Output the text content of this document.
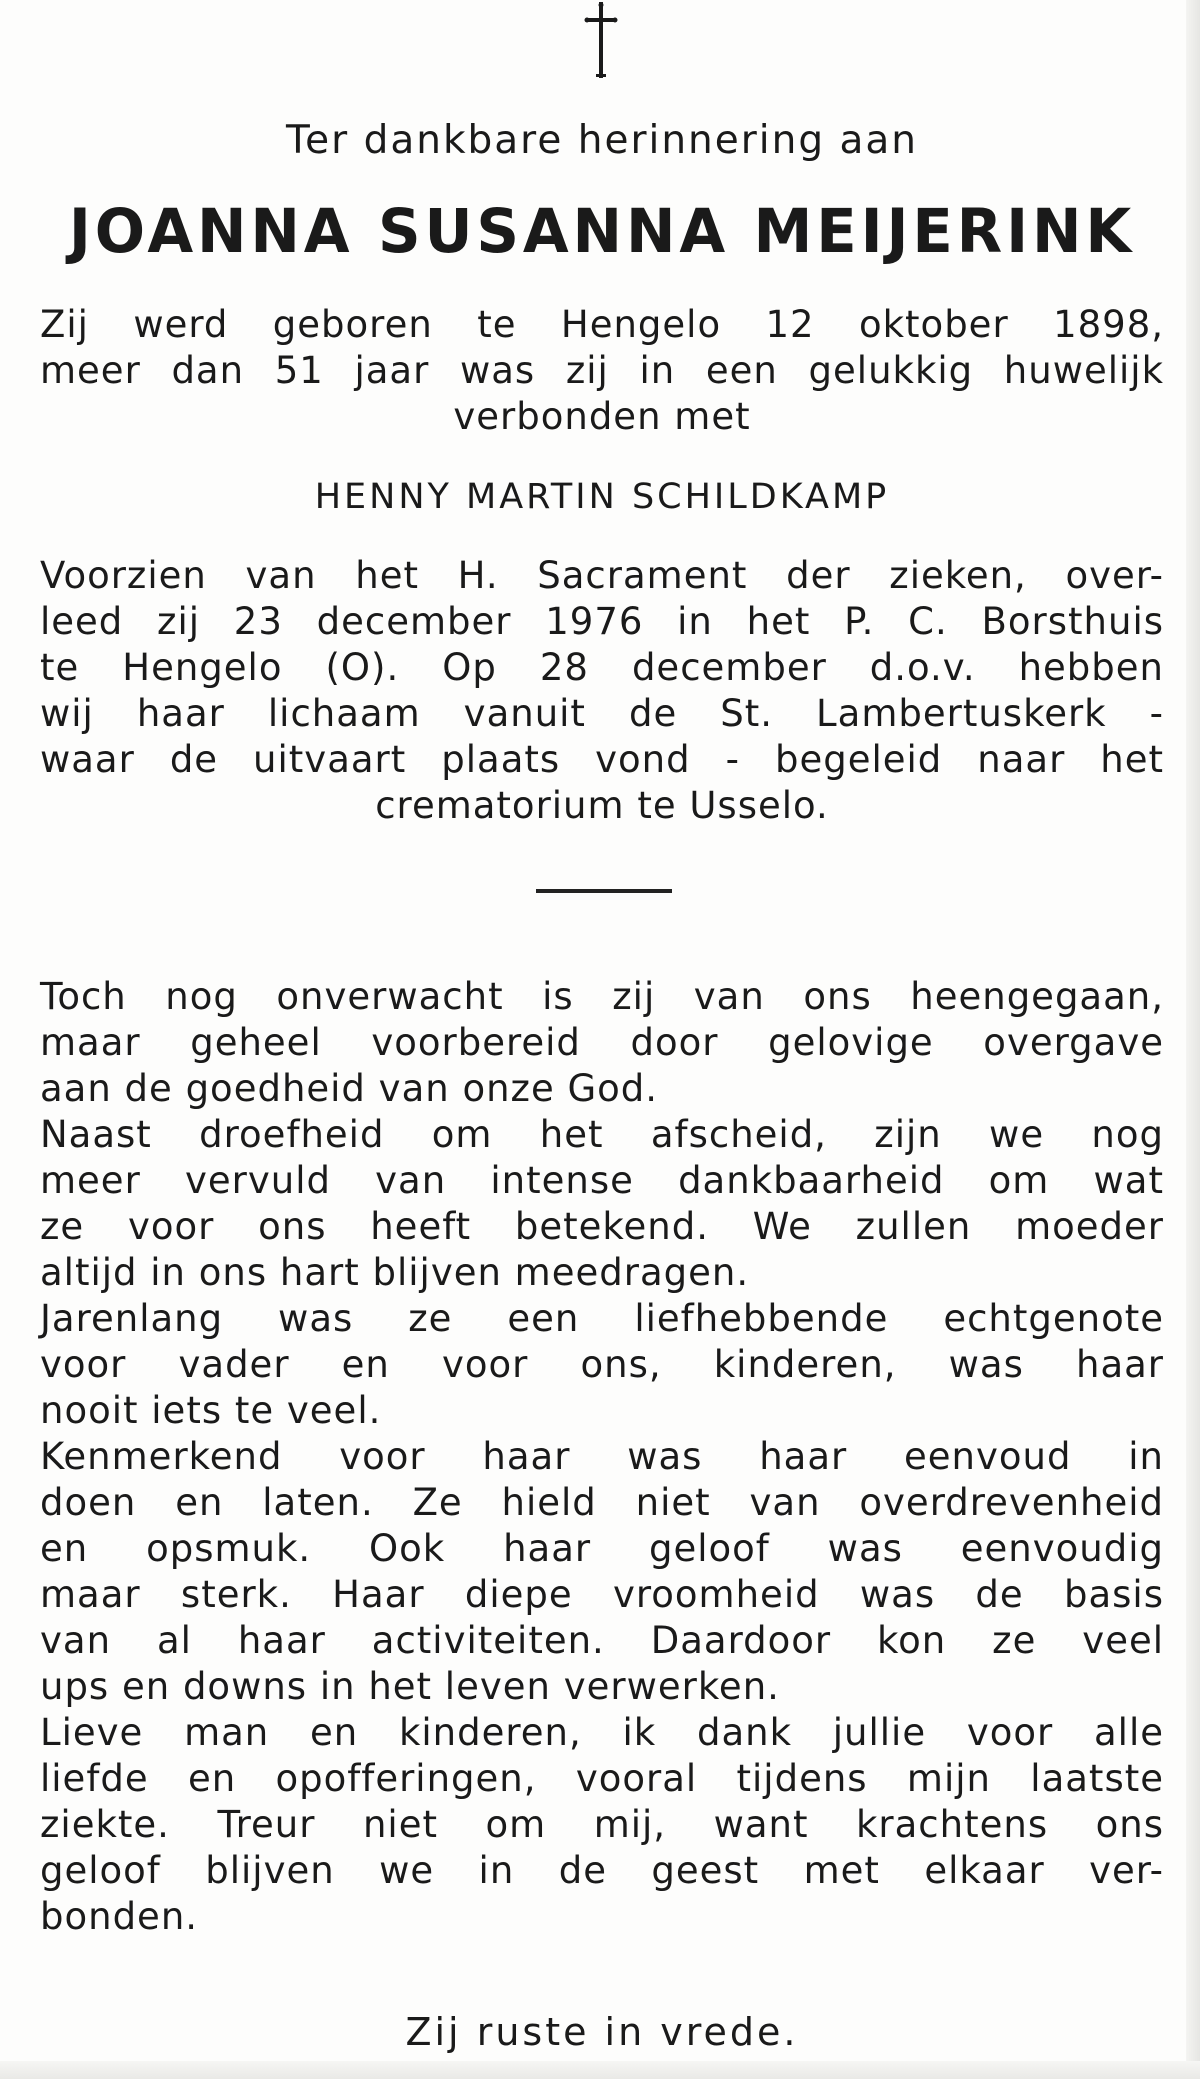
Ter dankbare herinnering aan

JOANNA SUSANNA MEIJERINK

Zij werd geboren te Hengelo 12 oktober 1898,

meer dan 51 jaar was zij in een gelukkig huwelijk

verbonden met

HENNY MARTIN SCHILDKAMP

Voorzien van het H. Sacrament der zieken, over-

leed zij 23 december 1976 in het P. C. Borsthuis

te Hengelo (O). Op 28 december d.o.v. hebben

wij haar lichaam vanuit de St. Lambertuskerk -

waar de uitvaart plaats vond - begeleid naar het

crematorium te Usselo.

Toch nog onverwacht is zij van ons heengegaan,

maar geheel voorbereid door gelovige overgave

aan de goedheid van onze God.

Naast droefheid om het afscheid, zijn we nog

meer vervuld van intense dankbaarheid om wat

ze voor ons heeft betekend. We zullen moeder

altijd in ons hart blijven meedragen.

Jarenlang was ze een liefhebbende echtgenote

voor vader en voor ons, kinderen, was haar

nooit iets te veel.

Kenmerkend voor haar was haar eenvoud in

doen en laten. Ze hield niet van overdrevenheid

en opsmuk. Ook haar geloof was eenvoudig

maar sterk. Haar diepe vroomheid was de basis

van al haar activiteiten. Daardoor kon ze veel

ups en downs in het leven verwerken.

Lieve man en kinderen, ik dank jullie voor alle

liefde en opofferingen, vooral tijdens mijn laatste

ziekte. Treur niet om mij, want krachtens ons

geloof blijven we in de geest met elkaar ver-

bonden.

Zij ruste in vrede.
